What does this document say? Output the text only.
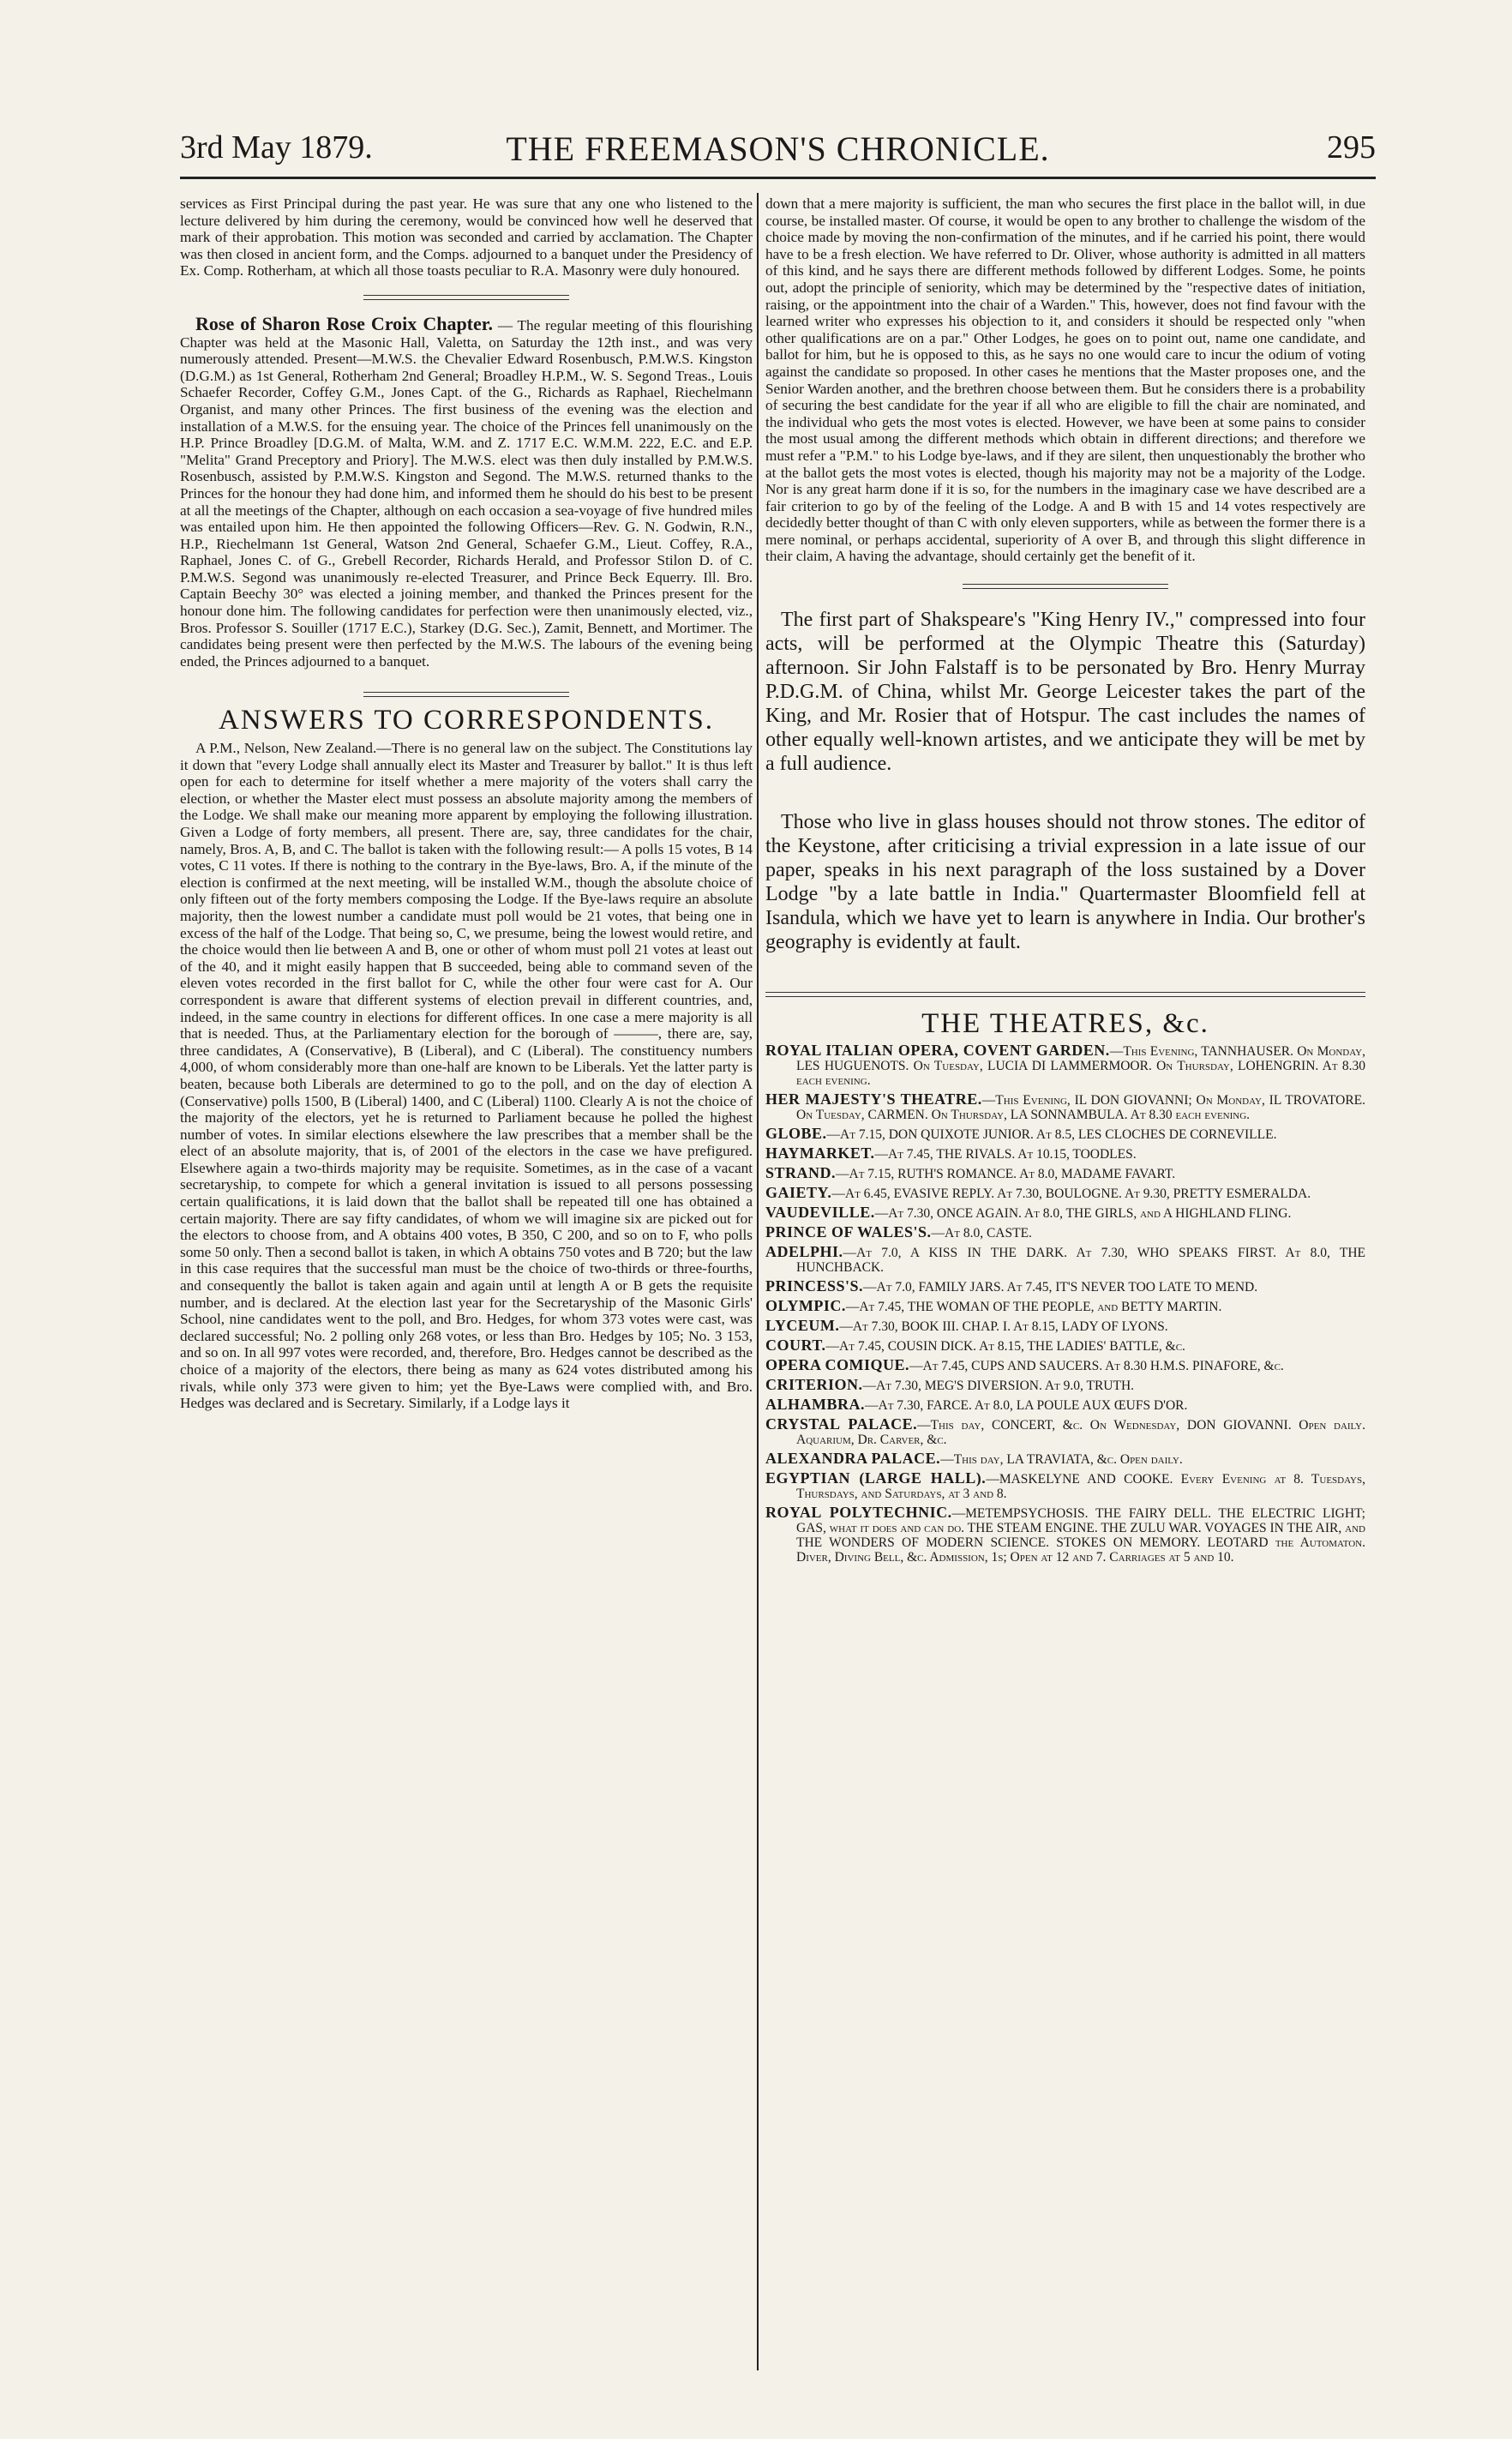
3rd May 1879.	THE FREEMASON'S CHRONICLE.	295

services as First Principal during the past year. He was sure that any one who listened to the lecture delivered by him during the ceremony, would be convinced how well he deserved that mark of their approbation. This motion was seconded and carried by acclamation. The Chapter was then closed in ancient form, and the Comps. adjourned to a banquet under the Presidency of Ex. Comp. Rotherham, at which all those toasts peculiar to R.A. Masonry were duly honoured.

Rose of Sharon Rose Croix Chapter. — The regular meeting of this flourishing Chapter was held at the Masonic Hall, Valetta, on Saturday the 12th inst., and was very numerously attended. Present—M.W.S. the Chevalier Edward Rosenbusch, P.M.W.S. Kingston (D.G.M.) as 1st General, Rotherham 2nd General; Broadley H.P.M., W. S. Segond Treas., Louis Schaefer Recorder, Coffey G.M., Jones Capt. of the G., Richards as Raphael, Riechelmann Organist, and many other Princes. The first business of the evening was the election and installation of a M.W.S. for the ensuing year. The choice of the Princes fell unanimously on the H.P. Prince Broadley [D.G.M. of Malta, W.M. and Z. 1717 E.C. W.M.M. 222, E.C. and E.P. "Melita" Grand Preceptory and Priory]. The M.W.S. elect was then duly installed by P.M.W.S. Rosenbusch, assisted by P.M.W.S. Kingston and Segond. The M.W.S. returned thanks to the Princes for the honour they had done him, and informed them he should do his best to be present at all the meetings of the Chapter, although on each occasion a sea-voyage of five hundred miles was entailed upon him. He then appointed the following Officers—Rev. G. N. Godwin, R.N., H.P., Riechelmann 1st General, Watson 2nd General, Schaefer G.M., Lieut. Coffey, R.A., Raphael, Jones C. of G., Grebell Recorder, Richards Herald, and Professor Stilon D. of C. P.M.W.S. Segond was unanimously re-elected Treasurer, and Prince Beck Equerry. Ill. Bro. Captain Beechy 30° was elected a joining member, and thanked the Princes present for the honour done him. The following candidates for perfection were then unanimously elected, viz., Bros. Professor S. Souiller (1717 E.C.), Starkey (D.G. Sec.), Zamit, Bennett, and Mortimer. The candidates being present were then perfected by the M.W.S. The labours of the evening being ended, the Princes adjourned to a banquet.

ANSWERS TO CORRESPONDENTS.

A P.M., Nelson, New Zealand.—There is no general law on the subject. The Constitutions lay it down that "every Lodge shall annually elect its Master and Treasurer by ballot." It is thus left open for each to determine for itself whether a mere majority of the voters shall carry the election, or whether the Master elect must possess an absolute majority among the members of the Lodge. We shall make our meaning more apparent by employing the following illustration. Given a Lodge of forty members, all present. There are, say, three candidates for the chair, namely, Bros. A, B, and C. The ballot is taken with the following result:— A polls 15 votes, B 14 votes, C 11 votes. If there is nothing to the contrary in the Bye-laws, Bro. A, if the minute of the election is confirmed at the next meeting, will be installed W.M., though the absolute choice of only fifteen out of the forty members composing the Lodge. If the Bye-laws require an absolute majority, then the lowest number a candidate must poll would be 21 votes, that being one in excess of the half of the Lodge. That being so, C, we presume, being the lowest would retire, and the choice would then lie between A and B, one or other of whom must poll 21 votes at least out of the 40, and it might easily happen that B succeeded, being able to command seven of the eleven votes recorded in the first ballot for C, while the other four were cast for A. Our correspondent is aware that different systems of election prevail in different countries, and, indeed, in the same country in elections for different offices. In one case a mere majority is all that is needed. Thus, at the Parliamentary election for the borough of ———, there are, say, three candidates, A (Conservative), B (Liberal), and C (Liberal). The constituency numbers 4,000, of whom considerably more than one-half are known to be Liberals. Yet the latter party is beaten, because both Liberals are determined to go to the poll, and on the day of election A (Conservative) polls 1500, B (Liberal) 1400, and C (Liberal) 1100. Clearly A is not the choice of the majority of the electors, yet he is returned to Parliament because he polled the highest number of votes. In similar elections elsewhere the law prescribes that a member shall be the elect of an absolute majority, that is, of 2001 of the electors in the case we have prefigured. Elsewhere again a two-thirds majority may be requisite. Sometimes, as in the case of a vacant secretaryship, to compete for which a general invitation is issued to all persons possessing certain qualifications, it is laid down that the ballot shall be repeated till one has obtained a certain majority. There are say fifty candidates, of whom we will imagine six are picked out for the electors to choose from, and A obtains 400 votes, B 350, C 200, and so on to F, who polls some 50 only. Then a second ballot is taken, in which A obtains 750 votes and B 720; but the law in this case requires that the successful man must be the choice of two-thirds or three-fourths, and consequently the ballot is taken again and again until at length A or B gets the requisite number, and is declared. At the election last year for the Secretaryship of the Masonic Girls' School, nine candidates went to the poll, and Bro. Hedges, for whom 373 votes were cast, was declared successful; No. 2 polling only 268 votes, or less than Bro. Hedges by 105; No. 3 153, and so on. In all 997 votes were recorded, and, therefore, Bro. Hedges cannot be described as the choice of a majority of the electors, there being as many as 624 votes distributed among his rivals, while only 373 were given to him; yet the Bye-Laws were complied with, and Bro. Hedges was declared and is Secretary. Similarly, if a Lodge lays it

down that a mere majority is sufficient, the man who secures the first place in the ballot will, in due course, be installed master. Of course, it would be open to any brother to challenge the wisdom of the choice made by moving the non-confirmation of the minutes, and if he carried his point, there would have to be a fresh election. We have referred to Dr. Oliver, whose authority is admitted in all matters of this kind, and he says there are different methods followed by different Lodges. Some, he points out, adopt the principle of seniority, which may be determined by the "respective dates of initiation, raising, or the appointment into the chair of a Warden." This, however, does not find favour with the learned writer who expresses his objection to it, and considers it should be respected only "when other qualifications are on a par." Other Lodges, he goes on to point out, name one candidate, and ballot for him, but he is opposed to this, as he says no one would care to incur the odium of voting against the candidate so proposed. In other cases he mentions that the Master proposes one, and the Senior Warden another, and the brethren choose between them. But he considers there is a probability of securing the best candidate for the year if all who are eligible to fill the chair are nominated, and the individual who gets the most votes is elected. However, we have been at some pains to consider the most usual among the different methods which obtain in different directions; and therefore we must refer a "P.M." to his Lodge bye-laws, and if they are silent, then unquestionably the brother who at the ballot gets the most votes is elected, though his majority may not be a majority of the Lodge. Nor is any great harm done if it is so, for the numbers in the imaginary case we have described are a fair criterion to go by of the feeling of the Lodge. A and B with 15 and 14 votes respectively are decidedly better thought of than C with only eleven supporters, while as between the former there is a mere nominal, or perhaps accidental, superiority of A over B, and through this slight difference in their claim, A having the advantage, should certainly get the benefit of it.

The first part of Shakspeare's "King Henry IV.," compressed into four acts, will be performed at the Olympic Theatre this (Saturday) afternoon. Sir John Falstaff is to be personated by Bro. Henry Murray P.D.G.M. of China, whilst Mr. George Leicester takes the part of the King, and Mr. Rosier that of Hotspur. The cast includes the names of other equally well-known artistes, and we anticipate they will be met by a full audience.

Those who live in glass houses should not throw stones. The editor of the Keystone, after criticising a trivial expression in a late issue of our paper, speaks in his next paragraph of the loss sustained by a Dover Lodge "by a late battle in India." Quartermaster Bloomfield fell at Isandula, which we have yet to learn is anywhere in India. Our brother's geography is evidently at fault.

THE THEATRES, &c.

ROYAL ITALIAN OPERA, COVENT GARDEN.—This Evening, TANNHAUSER. On Monday, LES HUGUENOTS. On Tuesday, LUCIA DI LAMMERMOOR. On Thursday, LOHENGRIN. At 8.30 each evening.

HER MAJESTY'S THEATRE.—This Evening, IL DON GIOVANNI; On Monday, IL TROVATORE. On Tuesday, CARMEN. On Thursday, LA SONNAMBULA. At 8.30 each evening.

GLOBE.—At 7.15, DON QUIXOTE JUNIOR. At 8.5, LES CLOCHES DE CORNEVILLE.

HAYMARKET.—At 7.45, THE RIVALS. At 10.15, TOODLES.

STRAND.—At 7.15, RUTH'S ROMANCE. At 8.0, MADAME FAVART.

GAIETY.—At 6.45, EVASIVE REPLY. At 7.30, BOULOGNE. At 9.30, PRETTY ESMERALDA.

VAUDEVILLE.—At 7.30, ONCE AGAIN. At 8.0, THE GIRLS, and A HIGHLAND FLING.

PRINCE OF WALES'S.—At 8.0, CASTE.

ADELPHI.—At 7.0, A KISS IN THE DARK. At 7.30, WHO SPEAKS FIRST. At 8.0, THE HUNCHBACK.

PRINCESS'S.—At 7.0, FAMILY JARS. At 7.45, IT'S NEVER TOO LATE TO MEND.

OLYMPIC.—At 7.45, THE WOMAN OF THE PEOPLE, and BETTY MARTIN.

LYCEUM.—At 7.30, BOOK III. CHAP. I. At 8.15, LADY OF LYONS.

COURT.—At 7.45, COUSIN DICK. At 8.15, THE LADIES' BATTLE, &c.

OPERA COMIQUE.—At 7.45, CUPS AND SAUCERS. At 8.30 H.M.S. PINAFORE, &c.

CRITERION.—At 7.30, MEG'S DIVERSION. At 9.0, TRUTH.

ALHAMBRA.—At 7.30, FARCE. At 8.0, LA POULE AUX ŒUFS D'OR.

CRYSTAL PALACE.—This day, CONCERT, &c. On Wednesday, DON GIOVANNI. Open daily. Aquarium, Dr. Carver, &c.

ALEXANDRA PALACE.—This day, LA TRAVIATA, &c. Open daily.

EGYPTIAN (LARGE HALL).—MASKELYNE AND COOKE. Every Evening at 8. Tuesdays, Thursdays, and Saturdays, at 3 and 8.

ROYAL POLYTECHNIC.—METEMPSYCHOSIS. THE FAIRY DELL. THE ELECTRIC LIGHT; GAS, what it does and can do. THE STEAM ENGINE. THE ZULU WAR. VOYAGES IN THE AIR, and THE WONDERS OF MODERN SCIENCE. STOKES ON MEMORY. LEOTARD the Automaton. Diver, Diving Bell, &c. Admission, 1s; Open at 12 and 7. Carriages at 5 and 10.
